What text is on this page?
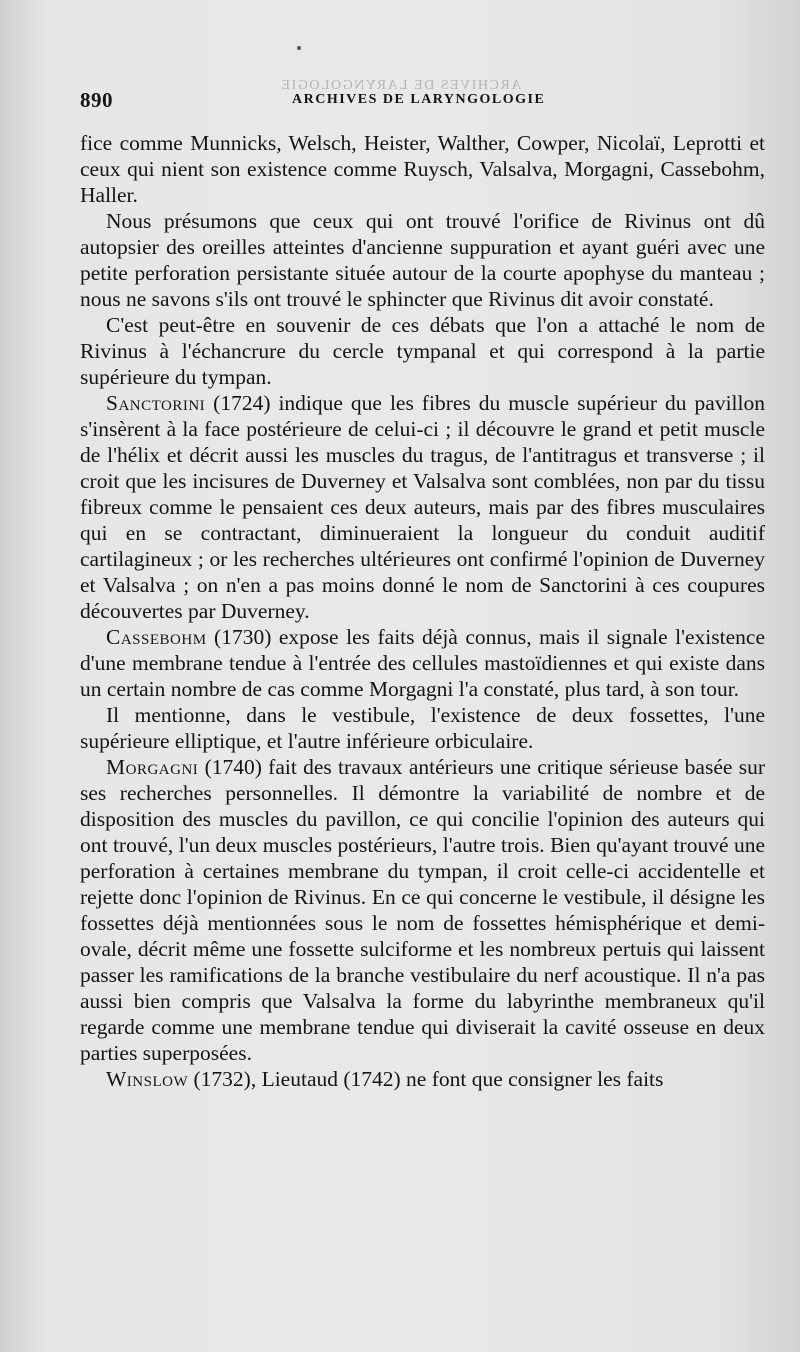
ARCHIVES DE LARYNGOLOGIE
890	ARCHIVES DE LARYNGOLOGIE

fice comme Munnicks, Welsch, Heister, Walther, Cowper, Nicolaï, Leprotti et ceux qui nient son existence comme Ruysch, Valsalva, Morgagni, Cassebohm, Haller.

Nous présumons que ceux qui ont trouvé l'orifice de Rivinus ont dû autopsier des oreilles atteintes d'ancienne suppuration et ayant guéri avec une petite perforation persistante située autour de la courte apophyse du manteau ; nous ne savons s'ils ont trouvé le sphincter que Rivinus dit avoir constaté.

C'est peut-être en souvenir de ces débats que l'on a attaché le nom de Rivinus à l'échancrure du cercle tympanal et qui correspond à la partie supérieure du tympan.

Sanctorini (1724) indique que les fibres du muscle supérieur du pavillon s'insèrent à la face postérieure de celui-ci ; il découvre le grand et petit muscle de l'hélix et décrit aussi les muscles du tragus, de l'antitragus et transverse ; il croit que les incisures de Duverney et Valsalva sont comblées, non par du tissu fibreux comme le pensaient ces deux auteurs, mais par des fibres musculaires qui en se contractant, diminueraient la longueur du conduit auditif cartilagineux ; or les recherches ultérieures ont confirmé l'opinion de Duverney et Valsalva ; on n'en a pas moins donné le nom de Sanctorini à ces coupures découvertes par Duverney.

Cassebohm (1730) expose les faits déjà connus, mais il signale l'existence d'une membrane tendue à l'entrée des cellules mastoïdiennes et qui existe dans un certain nombre de cas comme Morgagni l'a constaté, plus tard, à son tour.

Il mentionne, dans le vestibule, l'existence de deux fossettes, l'une supérieure elliptique, et l'autre inférieure orbiculaire.

Morgagni (1740) fait des travaux antérieurs une critique sérieuse basée sur ses recherches personnelles. Il démontre la variabilité de nombre et de disposition des muscles du pavillon, ce qui concilie l'opinion des auteurs qui ont trouvé, l'un deux muscles postérieurs, l'autre trois. Bien qu'ayant trouvé une perforation à certaines membrane du tympan, il croit celle-ci accidentelle et rejette donc l'opinion de Rivinus. En ce qui concerne le vestibule, il désigne les fossettes déjà mentionnées sous le nom de fossettes hémisphérique et demi-ovale, décrit même une fossette sulciforme et les nombreux pertuis qui laissent passer les ramifications de la branche vestibulaire du nerf acoustique. Il n'a pas aussi bien compris que Valsalva la forme du labyrinthe membraneux qu'il regarde comme une membrane tendue qui diviserait la cavité osseuse en deux parties superposées.

Winslow (1732), Lieutaud (1742) ne font que consigner les faits
